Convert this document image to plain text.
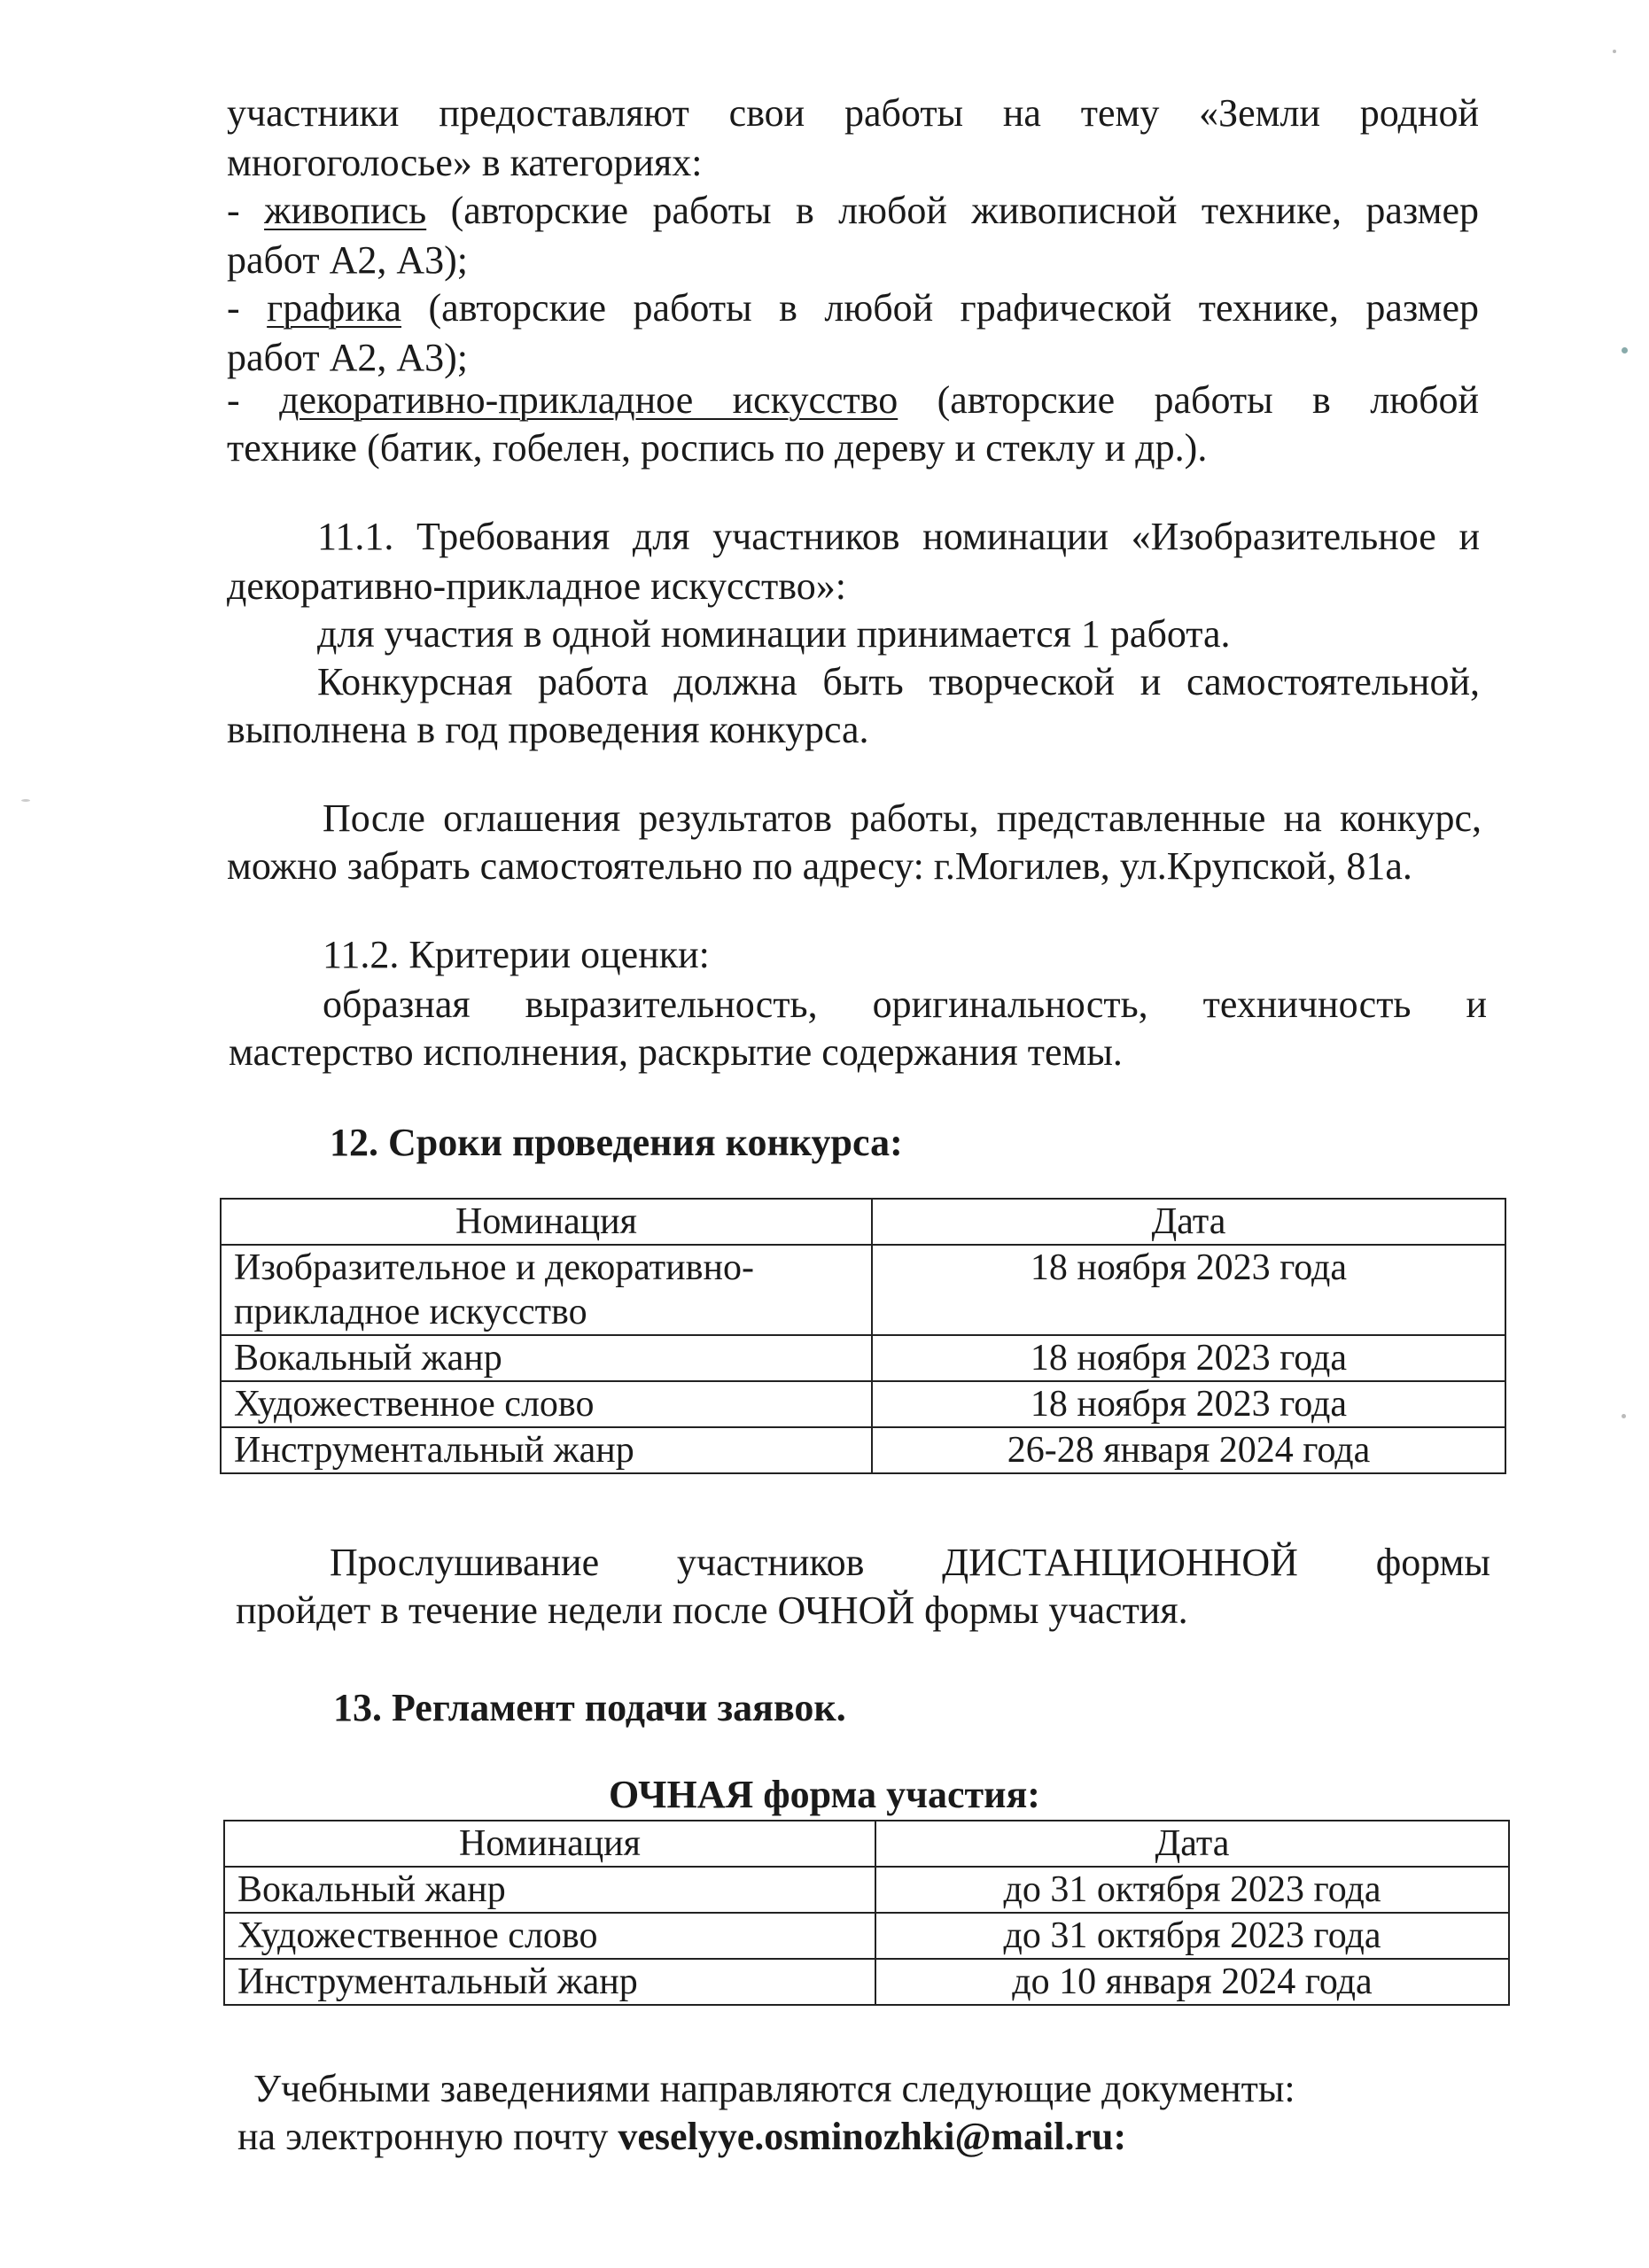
участники предоставляют свои работы на тему «Земли родной

многоголосье» в категориях:

- живопись (авторские работы в любой живописной технике, размер

работ А2, А3);

- графика (авторские работы в любой графической технике, размер

работ А2, А3);

- декоративно-прикладное искусство (авторские работы в любой

технике (батик, гобелен, роспись по дереву и стеклу и др.).

11.1. Требования для участников номинации «Изобразительное и

декоративно-прикладное искусство»:

для участия в одной номинации принимается 1 работа.

Конкурсная работа должна быть творческой и самостоятельной,

выполнена в год проведения конкурса.

После оглашения результатов работы, представленные на конкурс,

можно забрать самостоятельно по адресу: г.Могилев, ул.Крупской, 81а.

11.2. Критерии оценки:

образная выразительность, оригинальность, техничность и

мастерство исполнения, раскрытие содержания темы.

12. Сроки проведения конкурса:

Номинация	Дата
Изобразительное и декоративно-
прикладное искусство	18 ноября 2023 года
Вокальный жанр	18 ноября 2023 года
Художественное слово	18 ноября 2023 года
Инструментальный жанр	26-28 января 2024 года

Прослушивание участников ДИСТАНЦИОННОЙ формы

пройдет в течение недели после ОЧНОЙ формы участия.

13. Регламент подачи заявок.

ОЧНАЯ форма участия:

Номинация	Дата
Вокальный жанр	до 31 октября 2023 года
Художественное слово	до 31 октября 2023 года
Инструментальный жанр	до 10 января 2024 года

Учебными заведениями направляются следующие документы:

на электронную почту veselyye.osminozhki@mail.ru:
